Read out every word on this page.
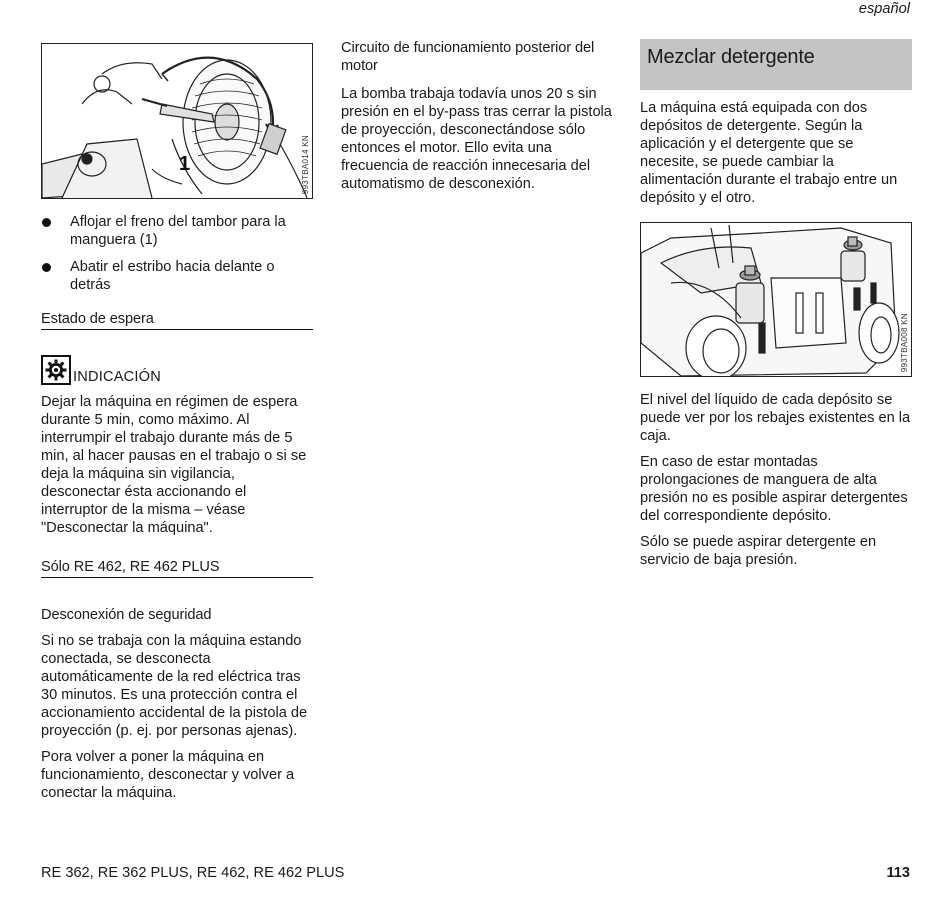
español
1	993TBA014 KN
Aflojar el freno del tambor para la manguera (1)
Abatir el estribo hacia delante o detrás
Estado de espera
INDICACIÓN

Dejar la máquina en régimen de espera durante 5 min, como máximo. Al interrumpir el trabajo durante más de 5 min, al hacer pausas en el trabajo o si se deja la máquina sin vigilancia, desconectar ésta accionando el interruptor de la misma – véase "Desconectar la máquina".

Sólo RE 462, RE 462 PLUS
Desconexión de seguridad

Si no se trabaja con la máquina estando conectada, se desconecta automáticamente de la red eléctrica tras 30 minutos. Es una protección contra el accionamiento accidental de la pistola de proyección (p. ej. por personas ajenas).

Pora volver a poner la máquina en funcionamiento, desconectar y volver a conectar la máquina.

Circuito de funcionamiento posterior del motor

La bomba trabaja todavía unos 20 s sin presión en el by-pass tras cerrar la pistola de proyección, desconectándose sólo entonces el motor. Ello evita una frecuencia de reacción innecesaria del automatismo de desconexión.

Mezclar detergente

La máquina está equipada con dos depósitos de detergente. Según la aplicación y el detergente que se necesite, se puede cambiar la alimentación durante el trabajo entre un depósito y el otro.

993TBA008 KN

El nivel del líquido de cada depósito se puede ver por los rebajes existentes en la caja.

En caso de estar montadas prolongaciones de manguera de alta presión no es posible aspirar detergentes del correspondiente depósito.

Sólo se puede aspirar detergente en servicio de baja presión.

RE 362, RE 362 PLUS, RE 462, RE 462 PLUS	113
